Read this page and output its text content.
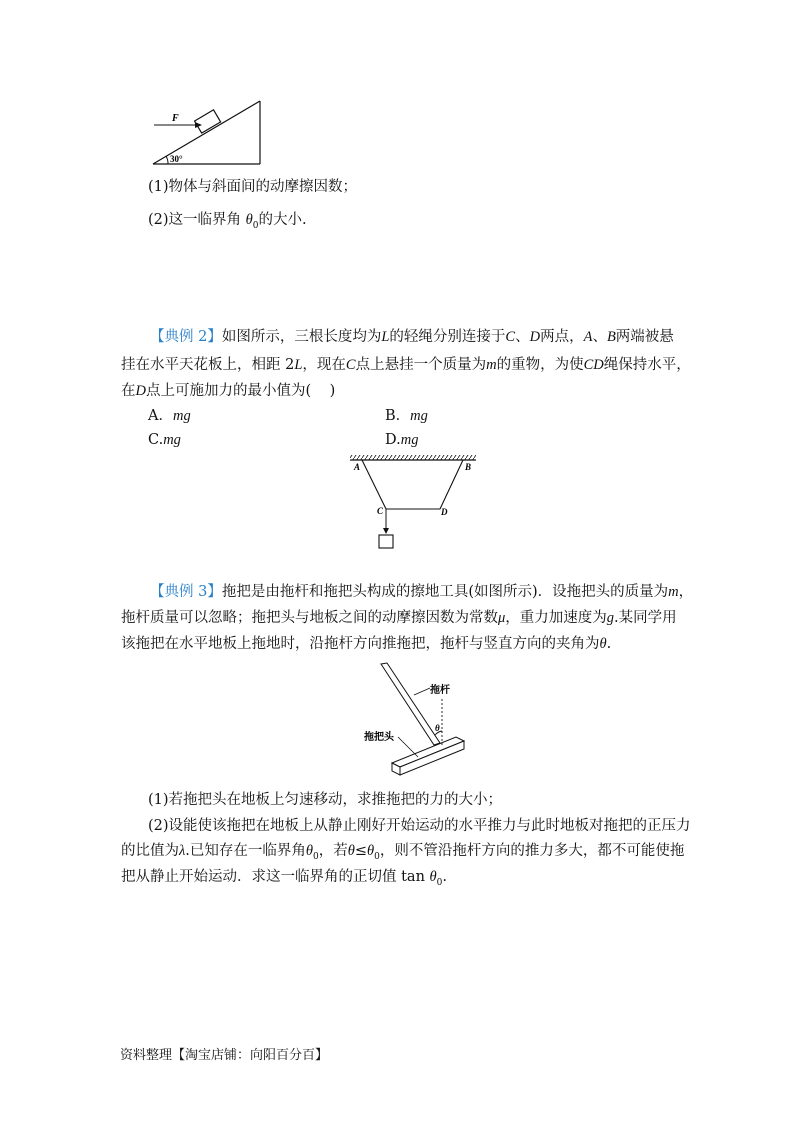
F
30°
(1)物体与斜面间的动摩擦因数；
(2)这一临界角 $\theta_0$的大小.
【典例 2】如图所示，三根长度均为L的轻绳分别连接于C、D两点，A、B两端被悬
挂在水平天花板上，相距 2L，现在C点上悬挂一个质量为m的重物，为使CD绳保持水平，
在D点上可施加力的最小值为( )
A．mg	B．mg
C.mg	D.mg
A	B
C	D
【典例 3】拖把是由拖杆和拖把头构成的擦地工具(如图所示)．设拖把头的质量为m，
拖杆质量可以忽略；拖把头与地板之间的动摩擦因数为常数μ，重力加速度为g.某同学用
该拖把在水平地板上拖地时，沿拖杆方向推拖把，拖杆与竖直方向的夹角为θ.
θ
拖杆
拖把头
(1)若拖把头在地板上匀速移动，求推拖把的力的大小；
(2)设能使该拖把在地板上从静止刚好开始运动的水平推力与此时地板对拖把的正压力
的比值为λ.已知存在一临界角$\theta_0$，若$\theta\le\theta_0$，则不管沿拖杆方向的推力多大，都不可能使拖
把从静止开始运动．求这一临界角的正切值 $\tan \theta_0$.
资料整理【淘宝店铺：向阳百分百】
